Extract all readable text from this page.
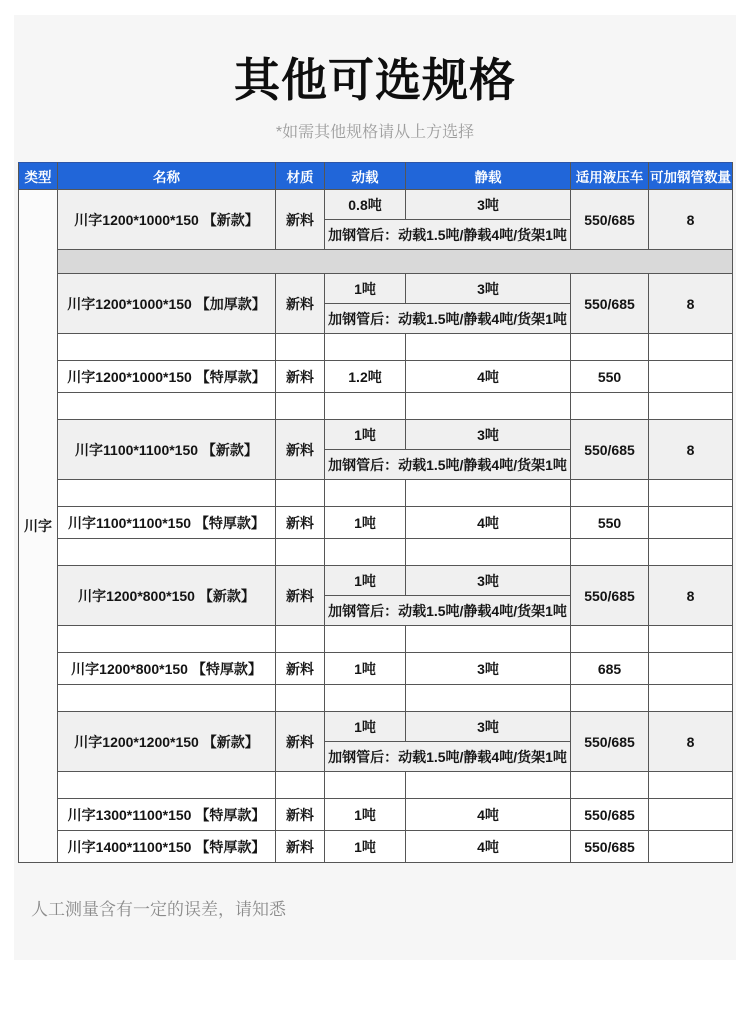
其他可选规格

*如需其他规格请从上方选择

类型	名称	材质	动载	静载	适用液压车	可加钢管数量
川字	川字1200*1000*150 【新款】	新料	0.8吨	3吨	550/685	8
			加钢管后：动载1.5吨/静载4吨/货架1吨			

	川字1200*1000*150 【加厚款】	新料	1吨	3吨	550/685	8
			加钢管后：动载1.5吨/静载4吨/货架1吨			

	川字1200*1000*150 【特厚款】	新料	1.2吨	4吨	550	

	川字1100*1100*150 【新款】	新料	1吨	3吨	550/685	8
			加钢管后：动载1.5吨/静载4吨/货架1吨			

	川字1100*1100*150 【特厚款】	新料	1吨	4吨	550	

	川字1200*800*150 【新款】	新料	1吨	3吨	550/685	8
			加钢管后：动载1.5吨/静载4吨/货架1吨			

	川字1200*800*150 【特厚款】	新料	1吨	3吨	685	

	川字1200*1200*150 【新款】	新料	1吨	3吨	550/685	8
			加钢管后：动载1.5吨/静载4吨/货架1吨			

	川字1300*1100*150 【特厚款】	新料	1吨	4吨	550/685	
	川字1400*1100*150 【特厚款】	新料	1吨	4吨	550/685	

人工测量含有一定的误差，请知悉
